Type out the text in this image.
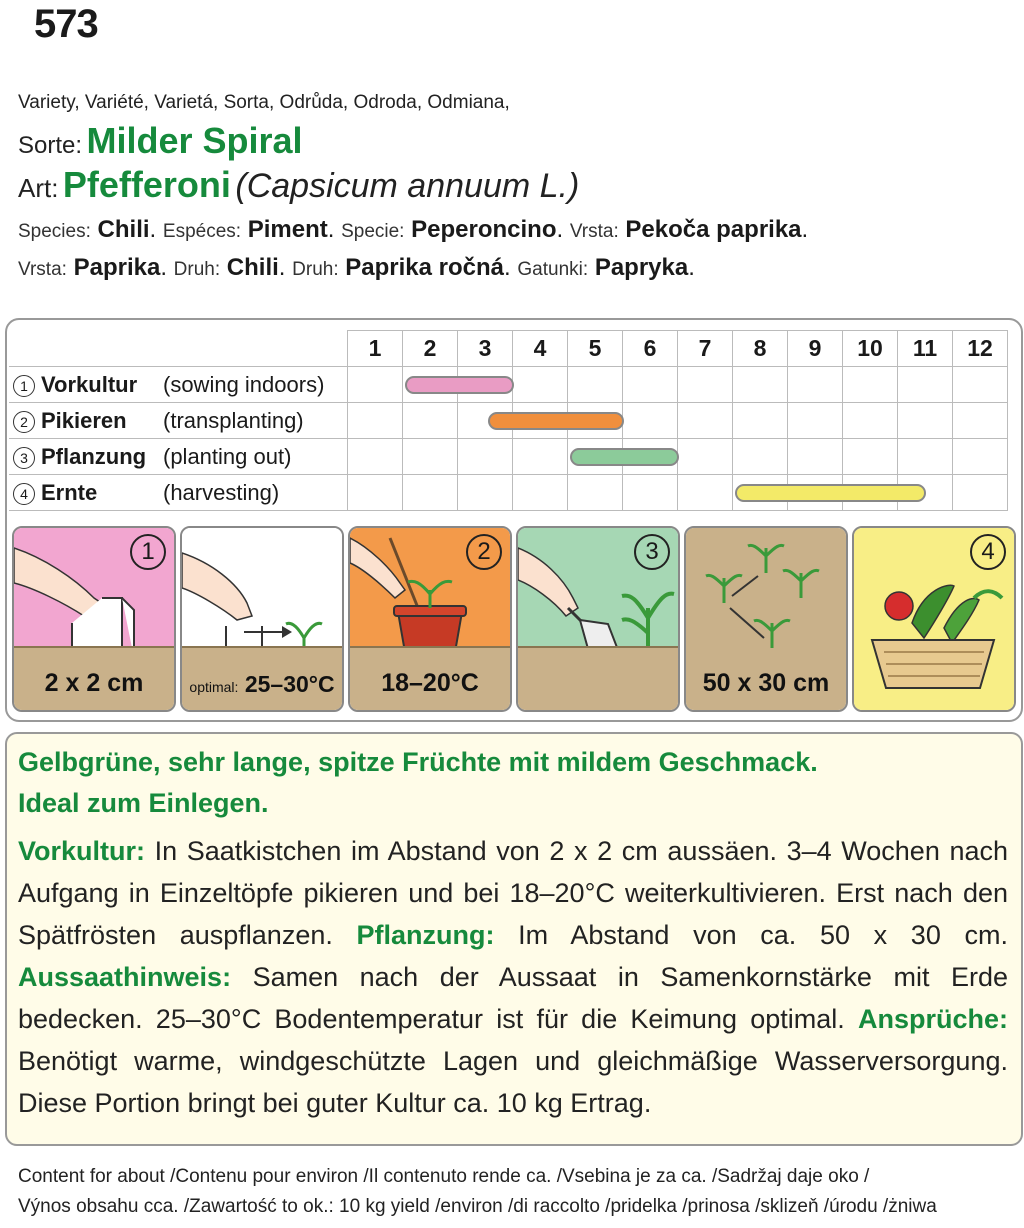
573
Variety, Variété, Varietá, Sorta, Odrůda, Odroda, Odmiana,
Sorte: Milder Spiral
Art: Pfefferoni (Capsicum annuum L.)
Species: Chili. Espéces: Piment. Specie: Peperoncino. Vrsta: Pekoča paprika.
Vrsta: Paprika. Druh: Chili. Druh: Paprika ročná. Gatunki: Papryka.
	1	2	3	4	5	6	7	8	9	10	11	12
1 Vorkultur (sowing indoors)												
2 Pikieren (transplanting)												
3 Pflanzung (planting out)												
4 Ernte (harvesting)												
2 x 2 cm
1
optimal: 25–30°C	18–20°C
2	3
50 x 30 cm
4
Gelbgrüne, sehr lange, spitze Früchte mit mildem Geschmack.
Ideal zum Einlegen.
Vorkultur: In Saatkistchen im Abstand von 2 x 2 cm aussäen. 3–4 Wochen nach Aufgang in Einzeltöpfe pikieren und bei 18–20°C weiterkultivieren. Erst nach den Spätfrösten auspflanzen. Pflanzung: Im Abstand von ca. 50 x 30 cm. Aussaathinweis: Samen nach der Aussaat in Samenkornstärke mit Erde bedecken. 25–30°C Bodentemperatur ist für die Keimung optimal. Ansprüche: Benötigt warme, windgeschützte Lagen und gleichmäßige Wasserversorgung. Diese Portion bringt bei guter Kultur ca. 10 kg Ertrag.
Content for about /Contenu pour environ /Il contenuto rende ca. /Vsebina je za ca. /Sadržaj daje oko /
Výnos obsahu cca. /Zawartość to ok.: 10 kg yield /environ /di raccolto /pridelka /prinosa /sklizeň /úrodu /żniwa
